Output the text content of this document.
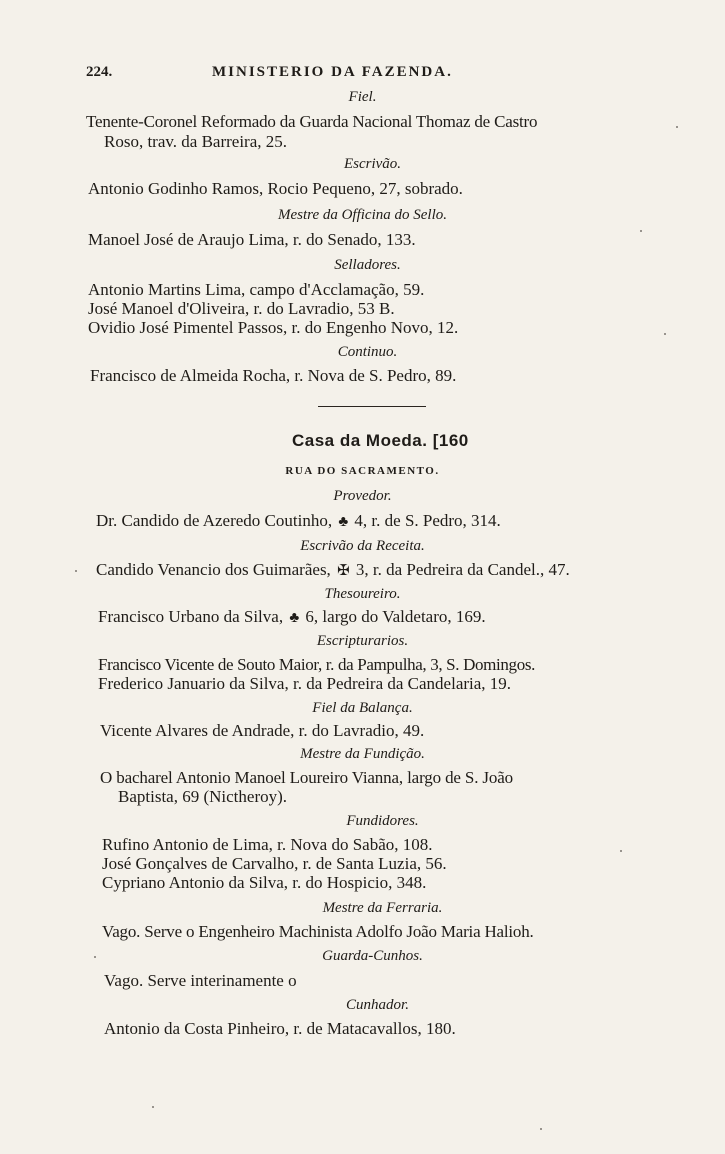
224.	MINISTERIO DA FAZENDA.
Fiel.
Tenente-Coronel Reformado da Guarda Nacional Thomaz de Castro
Roso, trav. da Barreira, 25.
Escrivão.
Antonio Godinho Ramos, Rocio Pequeno, 27, sobrado.
Mestre da Officina do Sello.
Manoel José de Araujo Lima, r. do Senado, 133.
Selladores.
Antonio Martins Lima, campo d'Acclamação, 59.
José Manoel d'Oliveira, r. do Lavradio, 53 B.
Ovidio José Pimentel Passos, r. do Engenho Novo, 12.
Continuo.
Francisco de Almeida Rocha, r. Nova de S. Pedro, 89.
Casa da Moeda. [160
RUA DO SACRAMENTO.
Provedor.
Dr. Candido de Azeredo Coutinho, ♣ 4, r. de S. Pedro, 314.
Escrivão da Receita.
Candido Venancio dos Guimarães, ✠ 3, r. da Pedreira da Candel., 47.
Thesoureiro.
Francisco Urbano da Silva, ♣ 6, largo do Valdetaro, 169.
Escripturarios.
Francisco Vicente de Souto Maior, r. da Pampulha, 3, S. Domingos.
Frederico Januario da Silva, r. da Pedreira da Candelaria, 19.
Fiel da Balança.
Vicente Alvares de Andrade, r. do Lavradio, 49.
Mestre da Fundição.
O bacharel Antonio Manoel Loureiro Vianna, largo de S. João
Baptista, 69 (Nictheroy).
Fundidores.
Rufino Antonio de Lima, r. Nova do Sabão, 108.
José Gonçalves de Carvalho, r. de Santa Luzia, 56.
Cypriano Antonio da Silva, r. do Hospicio, 348.
Mestre da Ferraria.
Vago. Serve o Engenheiro Machinista Adolfo João Maria Halioh.
Guarda-Cunhos.
Vago. Serve interinamente o
Cunhador.
Antonio da Costa Pinheiro, r. de Matacavallos, 180.
